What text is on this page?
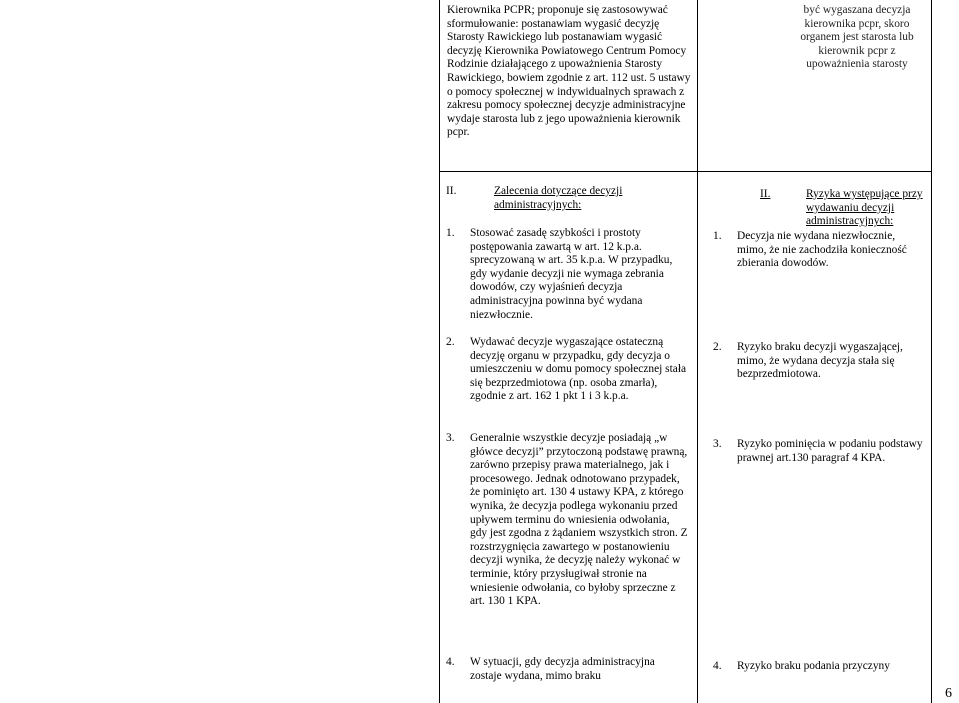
Kierownika PCPR; proponuje się zastosowywać sformułowanie: postanawiam wygasić decyzję Starosty Rawickiego lub postanawiam wygasić decyzję Kierownika Powiatowego Centrum Pomocy Rodzinie działającego z upoważnienia Starosty Rawickiego, bowiem zgodnie z art. 112 ust. 5 ustawy o pomocy społecznej w indywidualnych sprawach z zakresu pomocy społecznej decyzje administracyjne wydaje starosta lub z jego upoważnienia kierownik pcpr.
być wygaszana decyzja kierownika pcpr, skoro organem jest starosta lub kierownik pcpr z upoważnienia starosty
II.	Zalecenia dotyczące decyzji administracyjnych:
1. Stosować zasadę szybkości i prostoty postępowania zawartą w art. 12 k.p.a. sprecyzowaną w art. 35 k.p.a. W przypadku, gdy wydanie decyzji nie wymaga zebrania dowodów, czy wyjaśnień decyzja administracyjna powinna być wydana niezwłocznie.
2. Wydawać decyzje wygaszające ostateczną decyzję organu w przypadku, gdy decyzja o umieszczeniu w domu pomocy społecznej stała się bezprzedmiotowa (np. osoba zmarła), zgodnie z art. 162 1 pkt 1 i 3 k.p.a.
3. Generalnie wszystkie decyzje posiadają „w główce decyzji” przytoczoną podstawę prawną, zarówno przepisy prawa materialnego, jak i procesowego. Jednak odnotowano przypadek, że pominięto art. 130 4 ustawy KPA, z którego wynika, że decyzja podlega wykonaniu przed upływem terminu do wniesienia odwołania, gdy jest zgodna z żądaniem wszystkich stron. Z rozstrzygnięcia zawartego w postanowieniu decyzji wynika, że decyzję należy wykonać w terminie, który przysługiwał stronie na wniesienie odwołania, co byłoby sprzeczne z art. 130 1 KPA.
4. W sytuacji, gdy decyzja administracyjna zostaje wydana, mimo braku
II.	Ryzyka występujące przy wydawaniu decyzji administracyjnych:
1. Decyzja nie wydana niezwłocznie, mimo, że nie zachodziła konieczność zbierania dowodów.
2. Ryzyko braku decyzji wygaszającej, mimo, że wydana decyzja stała się bezprzedmiotowa.
3. Ryzyko pominięcia w podaniu podstawy prawnej art.130 paragraf 4 KPA.
4. Ryzyko braku podania przyczyny
6
